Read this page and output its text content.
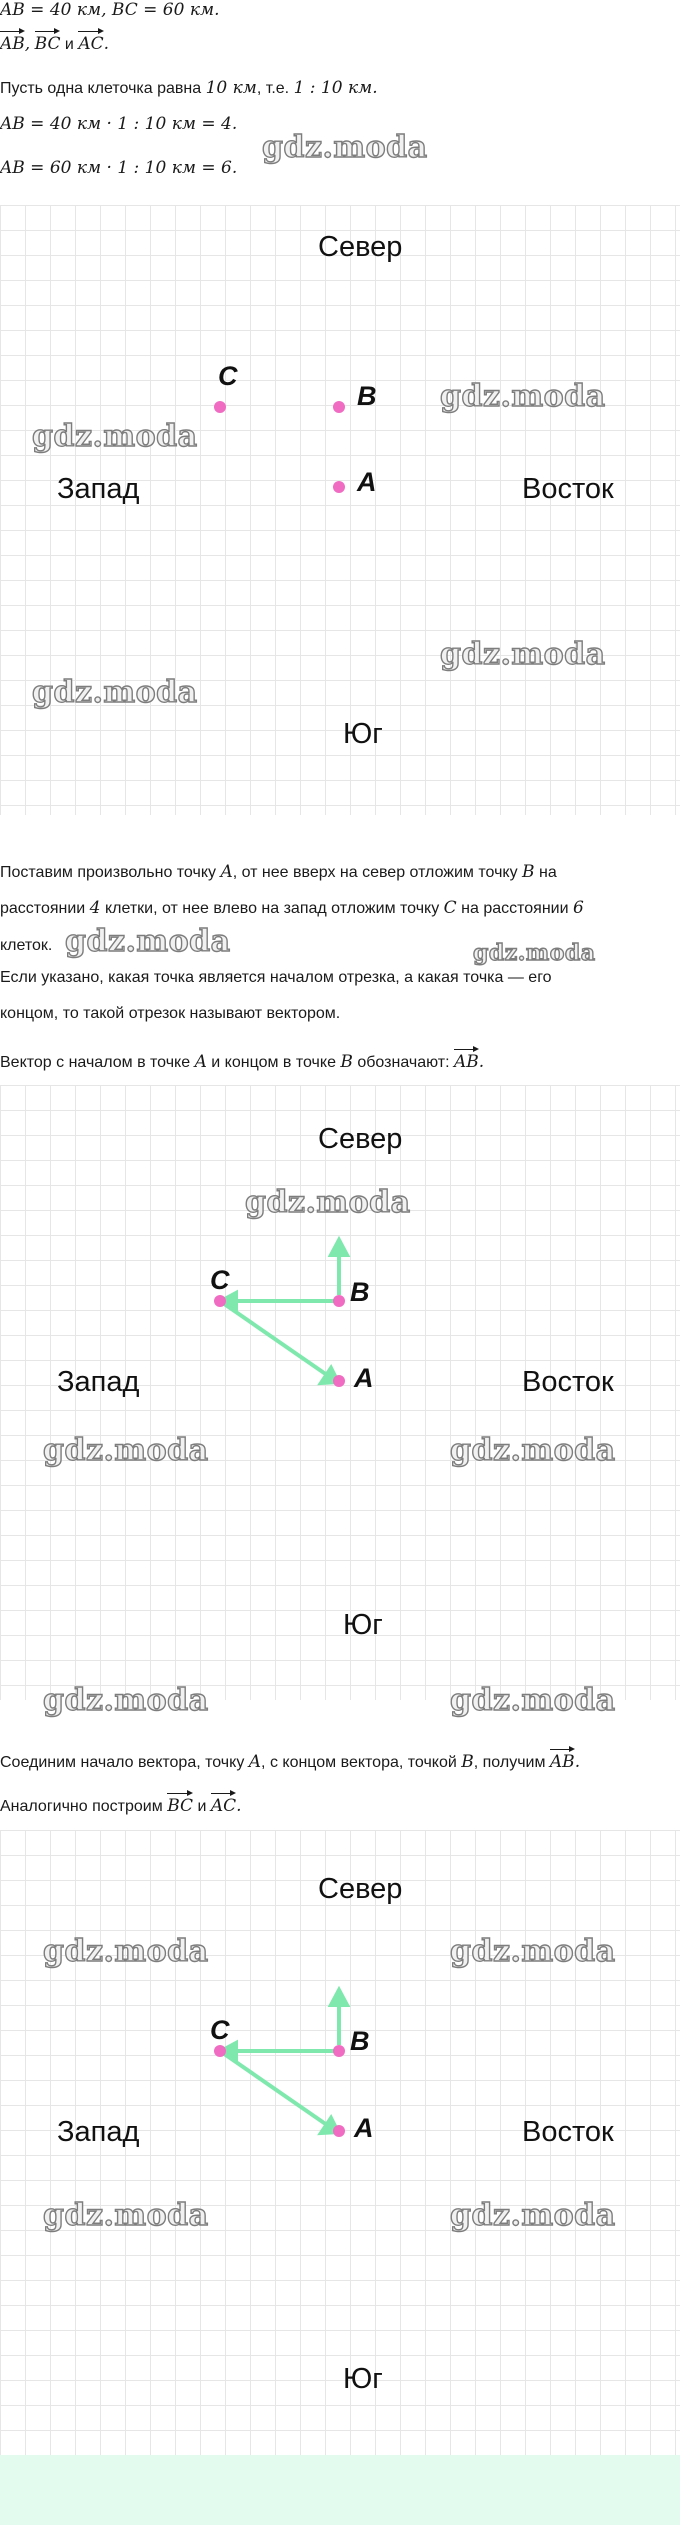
AB = 40 км, BC = 60 км.
AB, BC и AC.
Пусть одна клеточка равна 10 км, т.е. 1 : 10 км.
AB = 40 км · 1 : 10 км = 4.
AB = 60 км · 1 : 10 км = 6.
gdz.moda
Север
Запад	Восток
Юг
C
B
A
gdz.moda
gdz.moda
gdz.moda
gdz.moda
Поставим произвольно точку A, от нее вверх на север отложим точку B на
расстоянии 4 клетки, от нее влево на запад отложим точку C на расстоянии 6
клеток. gdz.moda	gdz.moda
Если указано, какая точка является началом отрезка, а какая точка — его
концом, то такой отрезок называют вектором.
Вектор с началом в точке A и концом в точке B обозначают: AB.
Север
Запад	Восток
Юг
C	B
A
gdz.moda
gdz.moda	gdz.moda
gdz.moda	gdz.moda
Соединим начало вектора, точку A, с концом вектора, точкой B, получим AB.
Аналогично построим BC и AC.
Север
Запад	Восток
Юг
C	B
A
gdz.moda	gdz.moda
gdz.moda	gdz.moda
